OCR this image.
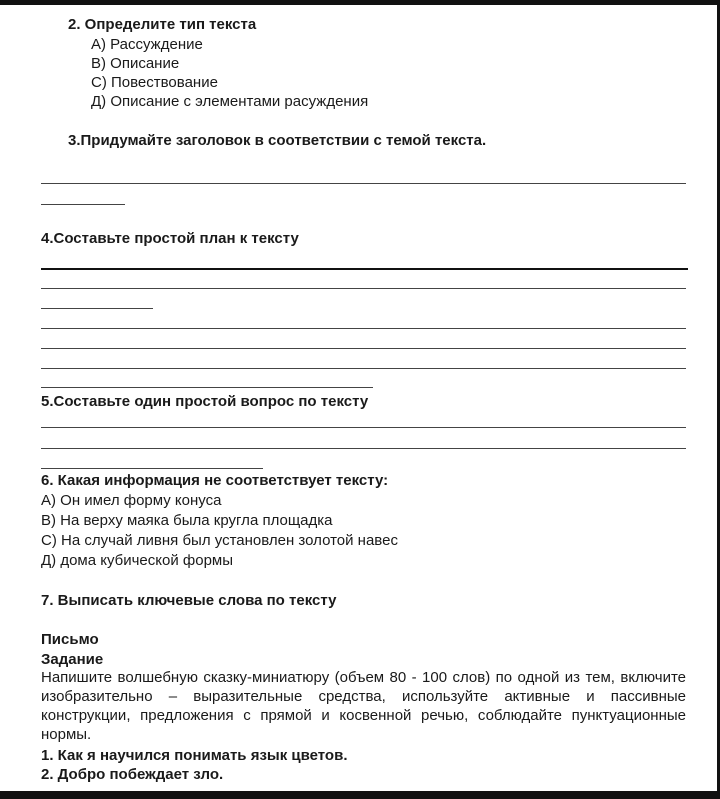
2. Определите тип текста
А) Рассуждение
В) Описание
С) Повествование
Д) Описание с элементами расуждения
3.Придумайте заголовок в соответствии с темой текста.
4.Составьте простой план к тексту
5.Составьте один простой вопрос по тексту
6. Какая информация не соответствует тексту:
А) Он имел форму конуса
В) На верху маяка была кругла площадка
С) На случай ливня был установлен золотой навес
Д) дома кубической формы
7. Выписать ключевые слова по тексту
Письмо
Задание
Напишите волшебную сказку-миниатюру (объем 80 - 100 слов) по одной из тем, включите изобразительно – выразительные средства, используйте активные и пассивные конструкции, предложения с прямой и косвенной речью, соблюдайте пунктуационные нормы.
1. Как я научился понимать язык цветов.
2. Добро побеждает зло.
